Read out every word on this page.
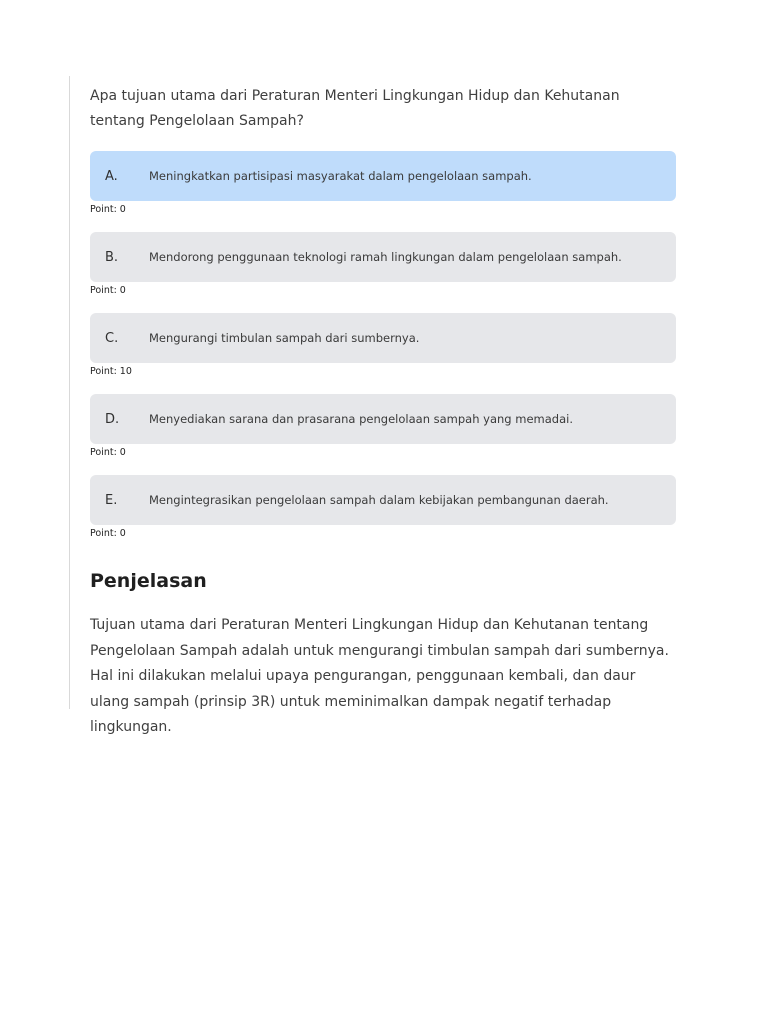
Apa tujuan utama dari Peraturan Menteri Lingkungan Hidup dan Kehutanan tentang Pengelolaan Sampah?

A.	Meningkatkan partisipasi masyarakat dalam pengelolaan sampah.
Point: 0
B.	Mendorong penggunaan teknologi ramah lingkungan dalam pengelolaan sampah.
Point: 0
C.	Mengurangi timbulan sampah dari sumbernya.
Point: 10
D.	Menyediakan sarana dan prasarana pengelolaan sampah yang memadai.
Point: 0
E.	Mengintegrasikan pengelolaan sampah dalam kebijakan pembangunan daerah.
Point: 0
Penjelasan

Tujuan utama dari Peraturan Menteri Lingkungan Hidup dan Kehutanan tentang Pengelolaan Sampah adalah untuk mengurangi timbulan sampah dari sumbernya. Hal ini dilakukan melalui upaya pengurangan, penggunaan kembali, dan daur ulang sampah (prinsip 3R) untuk meminimalkan dampak negatif terhadap lingkungan.
